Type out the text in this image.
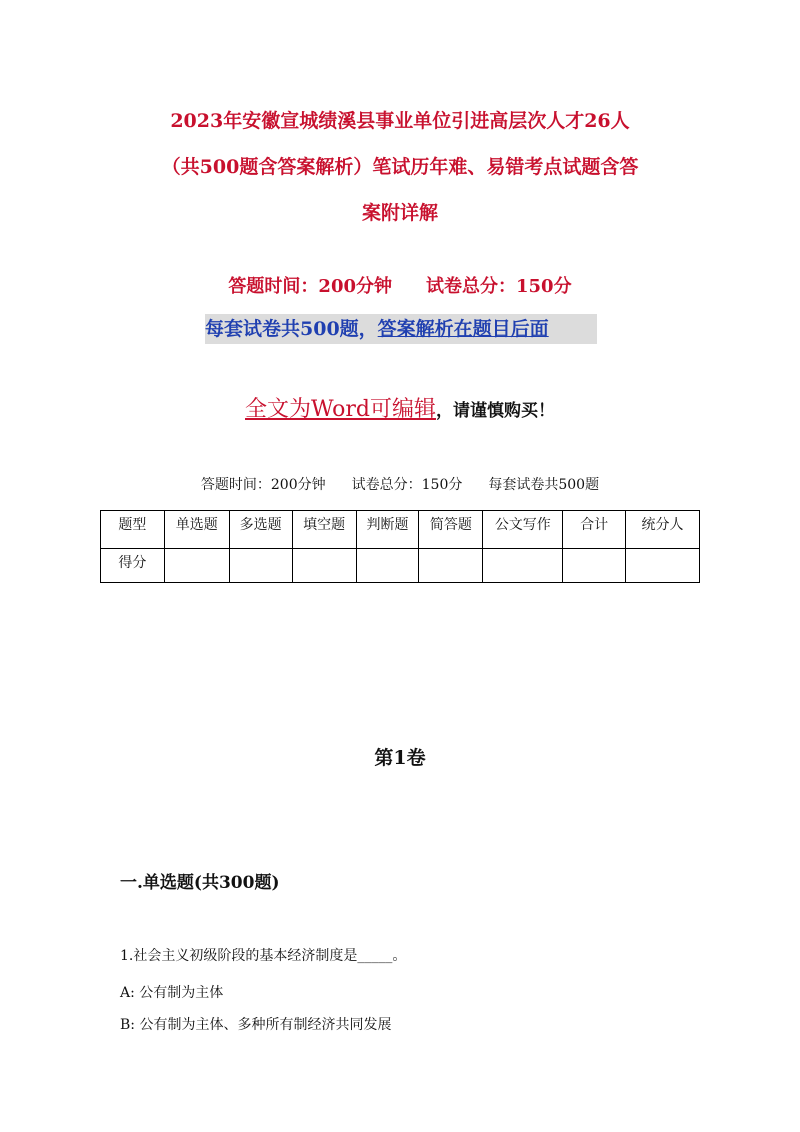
2023年安徽宣城绩溪县事业单位引进高层次人才26人
（共500题含答案解析）笔试历年难、易错考点试题含答
案附详解
答题时间：200分钟 试卷总分：150分
每套试卷共500题，答案解析在题目后面
全文为Word可编辑，请谨慎购买！
答题时间：200分钟 试卷总分：150分 每套试卷共500题
题型	单选题	多选题	填空题	判断题	简答题	公文写作	合计	统分人
得分								
第1卷
一.单选题(共300题)
1.社会主义初级阶段的基本经济制度是_____。
A: 公有制为主体
B: 公有制为主体、多种所有制经济共同发展
